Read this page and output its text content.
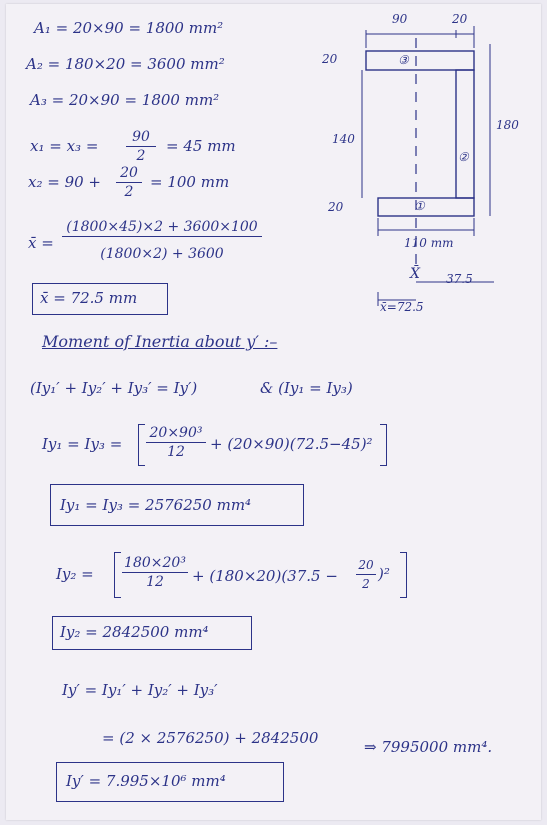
A₁ = 20×90 = 1800 mm²
A₂ = 180×20 = 3600 mm²
A₃ = 20×90 = 1800 mm²
$x_1 = x_3 = \frac{90}{2} = 45$ mm
$x_2 = 90 + \frac{20}{2} = 100$ mm
x̄ = $\frac{(1800\times 45)\times 2 + 3600\times 100}{(1800\times 2) + 3600}$
x̄ = 72.5 mm
90	20
20
140
180
20
110 mm
③
②
①
X̄ 37.5
x̄=72.5
Moment of Inertia about y′ :–
(Iy₁′ + Iy₂′ + Iy₃′ = Iy′)	& (Iy₁ = Iy₃)
$Iy_1 = Iy_3 = \frac{\text{20×90³}}{12} + (20\times 90)(72.5-45)^2$
Iy₁ = Iy₃ = 2576250 mm⁴
$Iy_2 = \frac{\text{180×20³}}{12} + (180\times 20)(37.5 - \frac{20}{2} )^2$
Iy₂ = 2842500 mm⁴
Iy′ = Iy₁′ + Iy₂′ + Iy₃′
= (2 × 2576250) + 2842500	⇒ 7995000 mm⁴.
Iy′ = 7.995×10⁶ mm⁴
